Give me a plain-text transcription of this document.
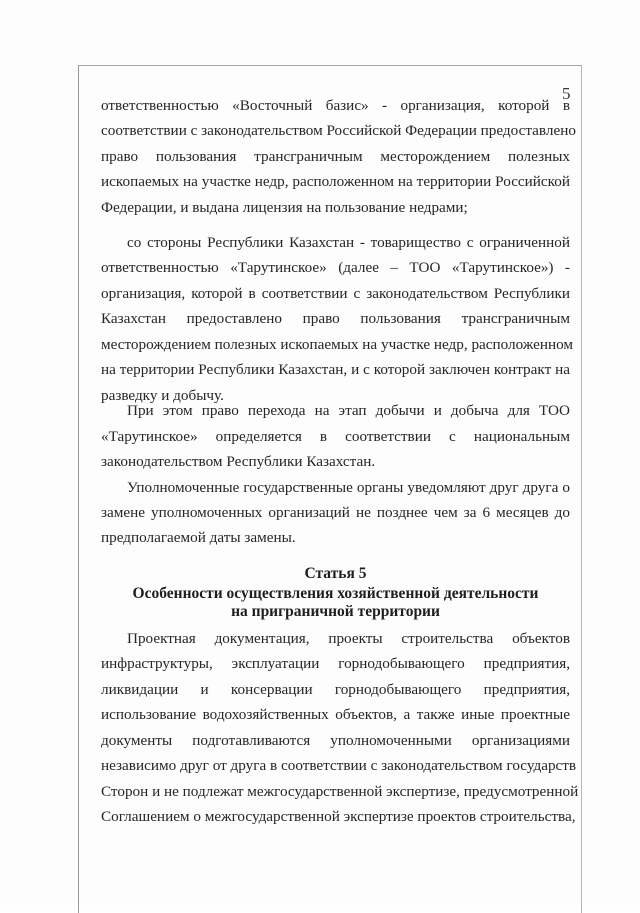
5
ответственностью «Восточный базис» - организация, которой в
соответствии с законодательством Российской Федерации предоставлено
право пользования трансграничным месторождением полезных
ископаемых на участке недр, расположенном на территории Российской
Федерации, и выдана лицензия на пользование недрами;
со стороны Республики Казахстан - товарищество с ограниченной
ответственностью «Тарутинское» (далее – ТОО «Тарутинское») -
организация, которой в соответствии с законодательством Республики
Казахстан предоставлено право пользования трансграничным
месторождением полезных ископаемых на участке недр, расположенном
на территории Республики Казахстан, и с которой заключен контракт на
разведку и добычу.
При этом право перехода на этап добычи и добыча для ТОО
«Тарутинское» определяется в соответствии с национальным
законодательством Республики Казахстан.
Уполномоченные государственные органы уведомляют друг друга о
замене уполномоченных организаций не позднее чем за 6 месяцев до
предполагаемой даты замены.
Статья 5
Особенности осуществления хозяйственной деятельности
на приграничной территории
Проектная документация, проекты строительства объектов
инфраструктуры, эксплуатации горнодобывающего предприятия,
ликвидации и консервации горнодобывающего предприятия,
использование водохозяйственных объектов, а также иные проектные
документы подготавливаются уполномоченными организациями
независимо друг от друга в соответствии с законодательством государств
Сторон и не подлежат межгосударственной экспертизе, предусмотренной
Соглашением о межгосударственной экспертизе проектов строительства,
